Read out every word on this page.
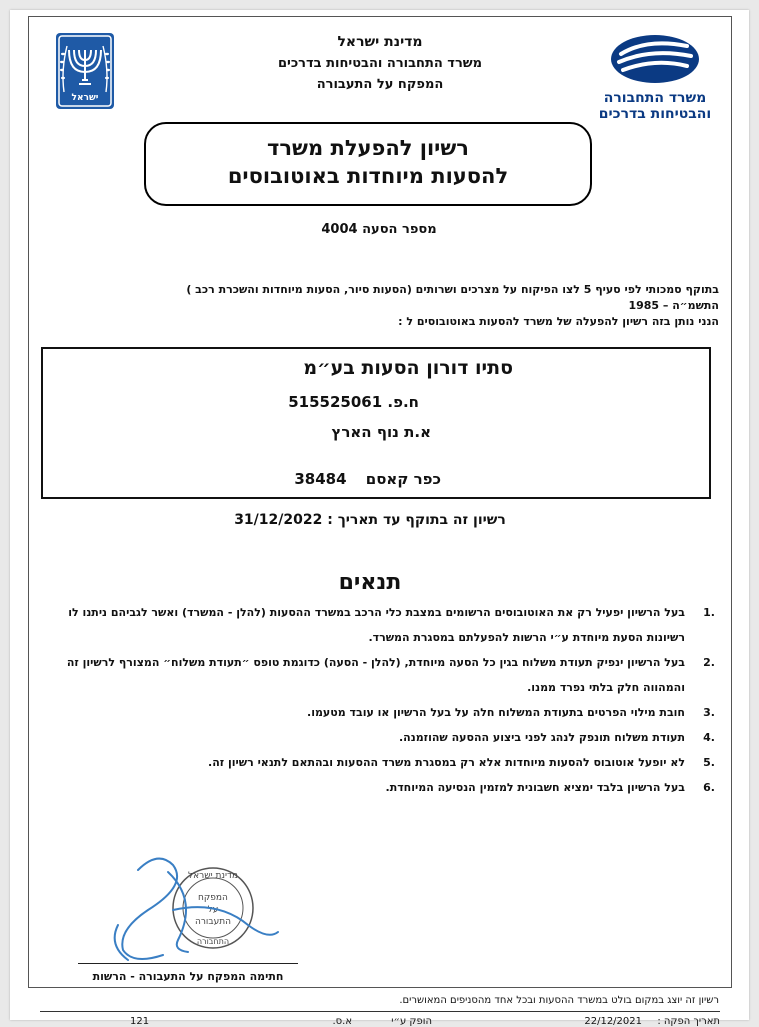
ישראל
מדינת ישראל
משרד התחבורה והבטיחות בדרכים
המפקח על התעבורה
משרד התחבורה
והבטיחות בדרכים
רשיון להפעלת משרד
להסעות מיוחדות באוטובוסים
מספר הסעה 4004
בתוקף סמכותי לפי סעיף 5 לצו הפיקוח על מצרכים ושרותים (הסעות סיור, הסעות מיוחדות והשכרת רכב )
התשמ״ה – 1985
הנני נותן בזה רשיון להפעלה של משרד להסעות באוטובוסים ל :
סתיו דורון הסעות בע״מ
ח.פ. 515525061
א.ת נוף הארץ
כפר קאסם 38484
רשיון זה בתוקף עד תאריך : 31/12/2022
תנאים
1.
בעל הרשיון יפעיל רק את האוטובוסים הרשומים במצבת כלי הרכב במשרד ההסעות (להלן - המשרד) ואשר לגביהם ניתנו לו רשיונות הסעת מיוחדת ע״י הרשות להפעלתם במסגרת המשרד.
2.
בעל הרשיון ינפיק תעודת משלוח בגין כל הסעה מיוחדת, (להלן - הסעה) כדוגמת טופס ״תעודת משלוח״ המצורף לרשיון זה והמהווה חלק בלתי נפרד ממנו.
3.
חובת מילוי הפרטים בתעודת המשלוח חלה על בעל הרשיון או עובד מטעמו.
4.
תעודת משלוח תונפק לנהג לפני ביצוע ההסעה שהוזמנה.
5.
לא יופעל אוטובוס להסעות מיוחדות אלא רק במסגרת משרד ההסעות ובהתאם לתנאי רשיון זה.
6.
בעל הרשיון בלבד ימציא חשבונית למזמין הנסיעה המיוחדת.
מדינת ישראל
המפקח
על
התעבורה
התחבורה
חתימה המפקח על התעבורה - הרשות
רשיון זה יוצג במקום בולט במשרד ההסעות ובכל אחד מהסניפים המאושרים.
תאריך הפקה :
22/12/2021
הופק ע״י
א.ס.
121
